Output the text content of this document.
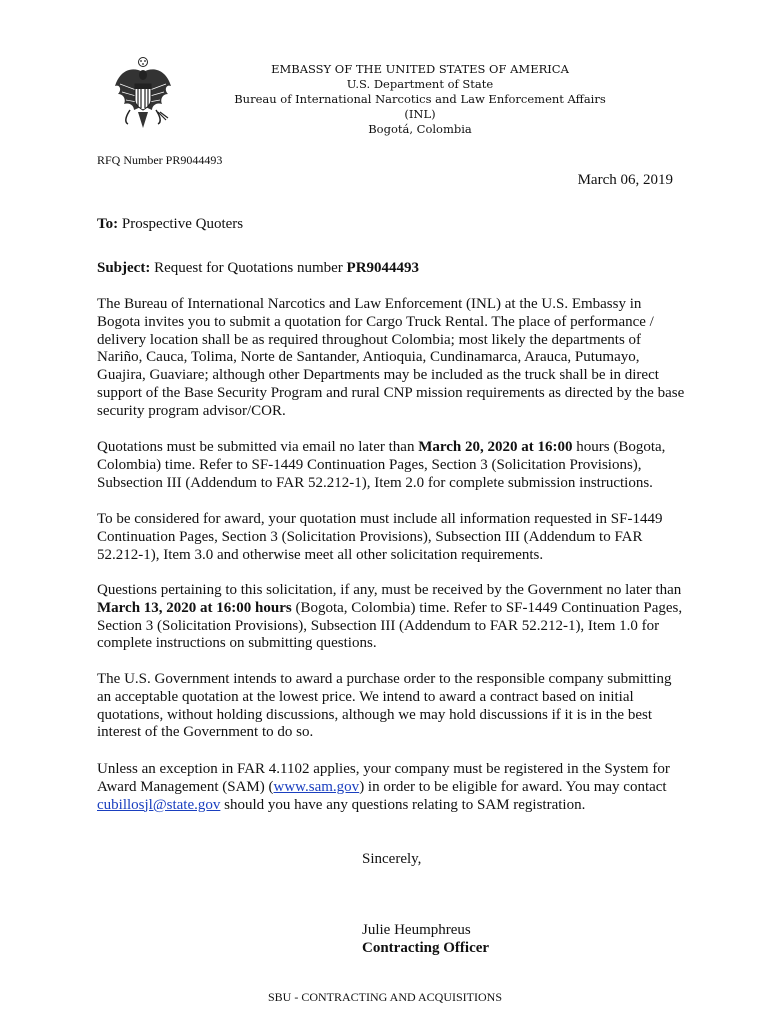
EMBASSY OF THE UNITED STATES OF AMERICA
U.S. Department of State
Bureau of International Narcotics and Law Enforcement Affairs (INL)
Bogotá, Colombia
RFQ Number PR9044493
March 06, 2019
To: Prospective Quoters
Subject: Request for Quotations number PR9044493
The Bureau of International Narcotics and Law Enforcement (INL) at the U.S. Embassy in Bogota invites you to submit a quotation for Cargo Truck Rental. The place of performance / delivery location shall be as required throughout Colombia; most likely the departments of Nariño, Cauca, Tolima, Norte de Santander, Antioquia, Cundinamarca, Arauca, Putumayo, Guajira, Guaviare; although other Departments may be included as the truck shall be in direct support of the Base Security Program and rural CNP mission requirements as directed by the base security program advisor/COR.
Quotations must be submitted via email no later than March 20, 2020 at 16:00 hours (Bogota, Colombia) time. Refer to SF-1449 Continuation Pages, Section 3 (Solicitation Provisions), Subsection III (Addendum to FAR 52.212-1), Item 2.0 for complete submission instructions.
To be considered for award, your quotation must include all information requested in SF-1449 Continuation Pages, Section 3 (Solicitation Provisions), Subsection III (Addendum to FAR 52.212-1), Item 3.0 and otherwise meet all other solicitation requirements.
Questions pertaining to this solicitation, if any, must be received by the Government no later than March 13, 2020 at 16:00 hours (Bogota, Colombia) time. Refer to SF-1449 Continuation Pages, Section 3 (Solicitation Provisions), Subsection III (Addendum to FAR 52.212-1), Item 1.0 for complete instructions on submitting questions.
The U.S. Government intends to award a purchase order to the responsible company submitting an acceptable quotation at the lowest price. We intend to award a contract based on initial quotations, without holding discussions, although we may hold discussions if it is in the best interest of the Government to do so.
Unless an exception in FAR 4.1102 applies, your company must be registered in the System for Award Management (SAM) (www.sam.gov) in order to be eligible for award. You may contact cubillosjl@state.gov should you have any questions relating to SAM registration.
Sincerely,
Julie Heumphreus
Contracting Officer
SBU - CONTRACTING AND ACQUISITIONS
